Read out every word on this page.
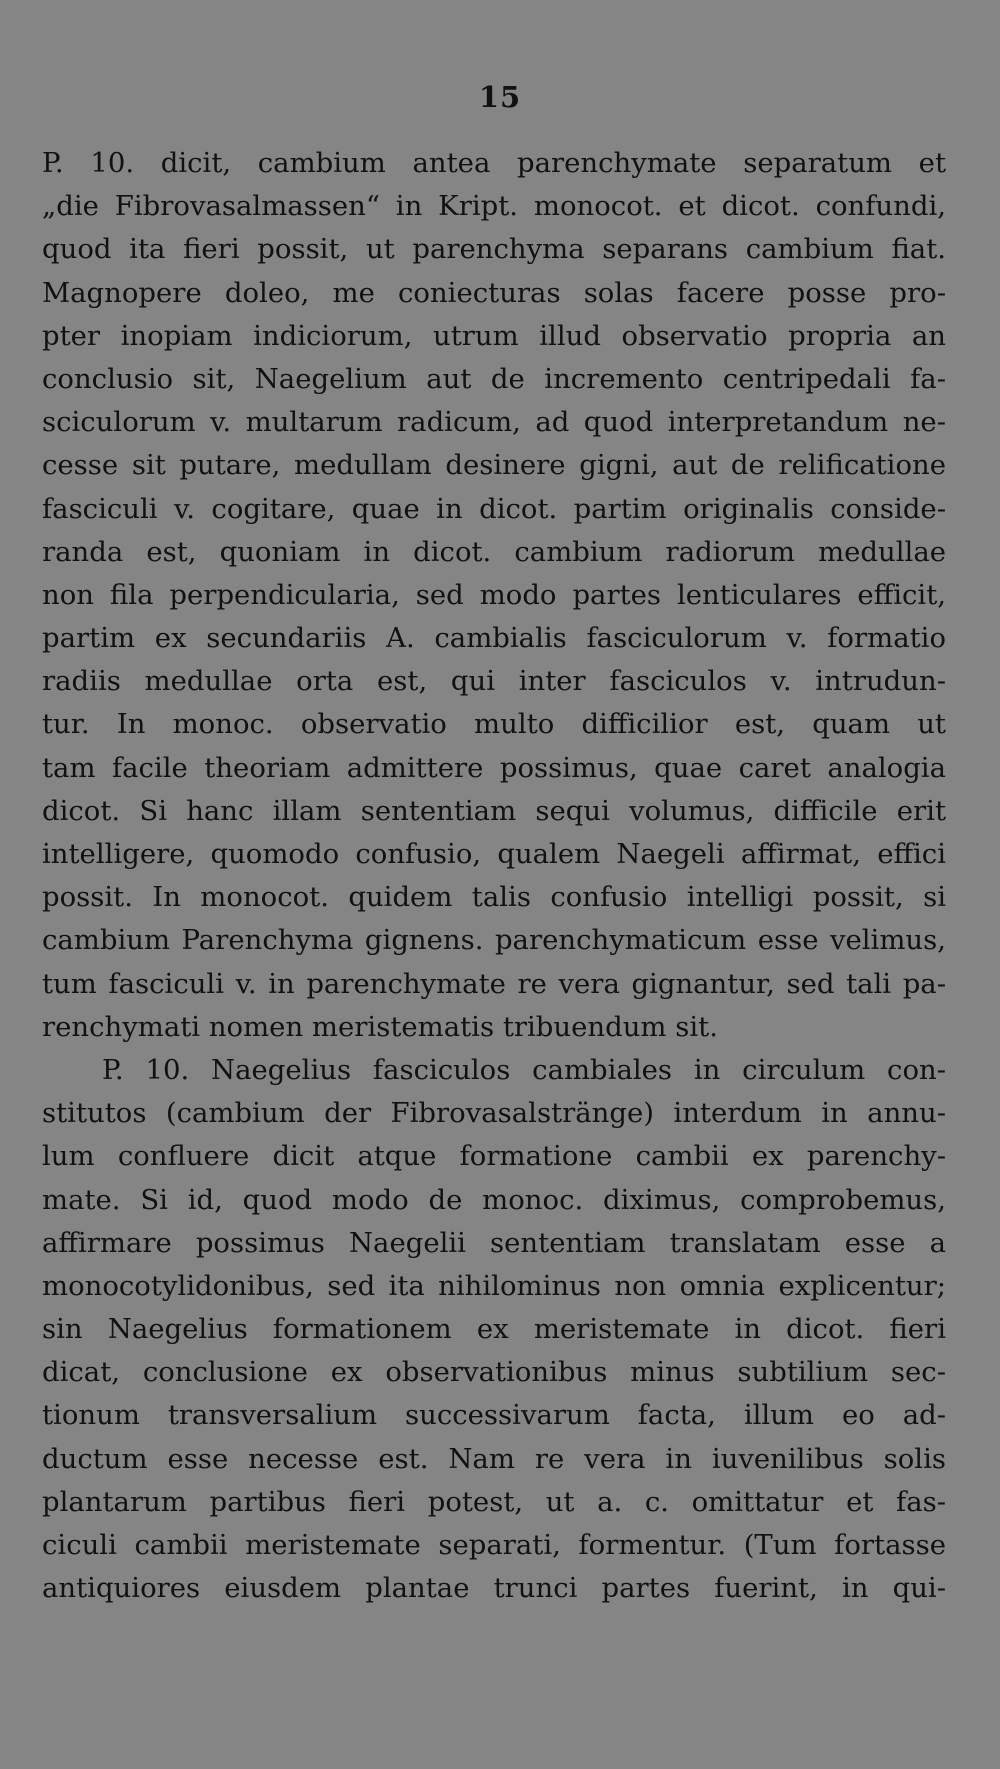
15
P. 10. dicit, cambium antea parenchymate separatum et
„die Fibrovasalmassen“ in Kript. monocot. et dicot. confundi,
quod ita fieri possit, ut parenchyma separans cambium fiat.
Magnopere doleo, me coniecturas solas facere posse pro-
pter inopiam indiciorum, utrum illud observatio propria an
conclusio sit, Naegelium aut de incremento centripedali fa-
sciculorum v. multarum radicum, ad quod interpretandum ne-
cesse sit putare, medullam desinere gigni, aut de relificatione
fasciculi v. cogitare, quae in dicot. partim originalis conside-
randa est, quoniam in dicot. cambium radiorum medullae
non fila perpendicularia, sed modo partes lenticulares efficit,
partim ex secundariis A. cambialis fasciculorum v. formatio
radiis medullae orta est, qui inter fasciculos v. intrudun-
tur. In monoc. observatio multo difficilior est, quam ut
tam facile theoriam admittere possimus, quae caret analogia
dicot. Si hanc illam sententiam sequi volumus, difficile erit
intelligere, quomodo confusio, qualem Naegeli affirmat, effici
possit. In monocot. quidem talis confusio intelligi possit, si
cambium Parenchyma gignens. parenchymaticum esse velimus,
tum fasciculi v. in parenchymate re vera gignantur, sed tali pa-
renchymati nomen meristematis tribuendum sit.
P. 10. Naegelius fasciculos cambiales in circulum con-
stitutos (cambium der Fibrovasalstränge) interdum in annu-
lum confluere dicit atque formatione cambii ex parenchy-
mate. Si id, quod modo de monoc. diximus, comprobemus,
affirmare possimus Naegelii sententiam translatam esse a
monocotylidonibus, sed ita nihilominus non omnia explicentur;
sin Naegelius formationem ex meristemate in dicot. fieri
dicat, conclusione ex observationibus minus subtilium sec-
tionum transversalium successivarum facta, illum eo ad-
ductum esse necesse est. Nam re vera in iuvenilibus solis
plantarum partibus fieri potest, ut a. c. omittatur et fas-
ciculi cambii meristemate separati, formentur. (Tum fortasse
antiquiores eiusdem plantae trunci partes fuerint, in qui-
